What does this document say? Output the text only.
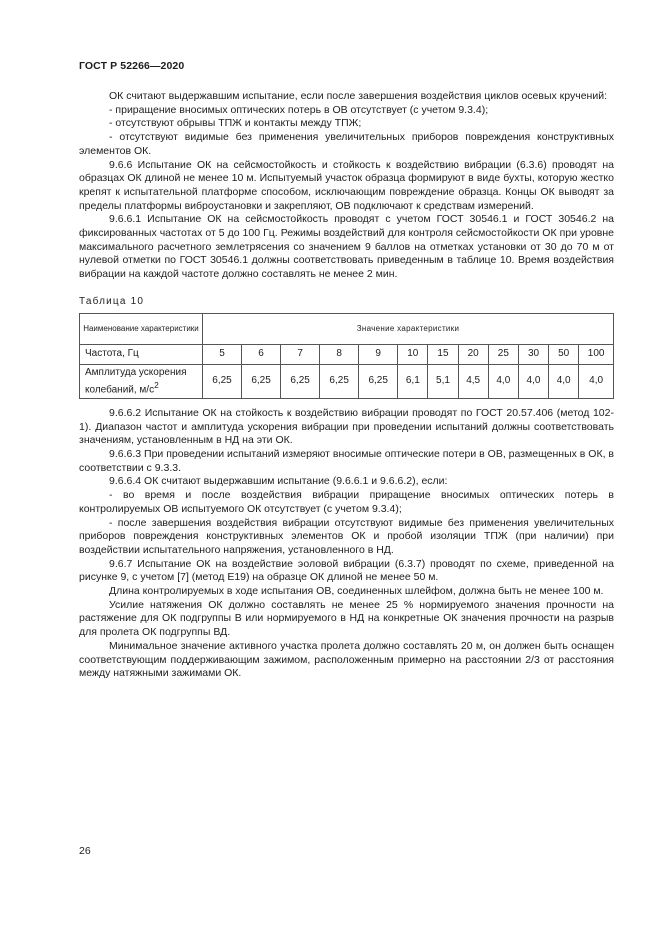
ГОСТ Р 52266—2020

ОК считают выдержавшим испытание, если после завершения воздействия циклов осевых кручений:

- приращение вносимых оптических потерь в ОВ отсутствует (с учетом 9.3.4);

- отсутствуют обрывы ТПЖ и контакты между ТПЖ;

- отсутствуют видимые без применения увеличительных приборов повреждения конструктивных элементов ОК.

9.6.6 Испытание ОК на сейсмостойкость и стойкость к воздействию вибрации (6.3.6) проводят на образцах ОК длиной не менее 10 м. Испытуемый участок образца формируют в виде бухты, которую жестко крепят к испытательной платформе способом, исключающим повреждение образца. Концы ОК выводят за пределы платформы виброустановки и закрепляют, ОВ подключают к средствам измерений.

9.6.6.1 Испытание ОК на сейсмостойкость проводят с учетом ГОСТ 30546.1 и ГОСТ 30546.2 на фиксированных частотах от 5 до 100 Гц. Режимы воздействий для контроля сейсмостойкости ОК при уровне максимального расчетного землетрясения со значением 9 баллов на отметках установки от 30 до 70 м от нулевой отметки по ГОСТ 30546.1 должны соответствовать приведенным в таблице 10. Время воздействия вибрации на каждой частоте должно составлять не менее 2 мин.

Таблица 10
Наименование характеристики	Значение характеристики											
Частота, Гц	5	6	7	8	9	10	15	20	25	30	50	100
Амплитуда ускорения колебаний, $м/с^2$	6,25	6,25	6,25	6,25	6,25	6,1	5,1	4,5	4,0	4,0	4,0	4,0

9.6.6.2 Испытание ОК на стойкость к воздействию вибрации проводят по ГОСТ 20.57.406 (метод 102-1). Диапазон частот и амплитуда ускорения вибрации при проведении испытаний должны соответствовать значениям, установленным в НД на эти ОК.

9.6.6.3 При проведении испытаний измеряют вносимые оптические потери в ОВ, размещенных в ОК, в соответствии с 9.3.3.

9.6.6.4 ОК считают выдержавшим испытание (9.6.6.1 и 9.6.6.2), если:

- во время и после воздействия вибрации приращение вносимых оптических потерь в контролируемых ОВ испытуемого ОК отсутствует (с учетом 9.3.4);

- после завершения воздействия вибрации отсутствуют видимые без применения увеличительных приборов повреждения конструктивных элементов ОК и пробой изоляции ТПЖ (при наличии) при воздействии испытательного напряжения, установленного в НД.

9.6.7 Испытание ОК на воздействие эоловой вибрации (6.3.7) проводят по схеме, приведенной на рисунке 9, с учетом [7] (метод Е19) на образце ОК длиной не менее 50 м.

Длина контролируемых в ходе испытания ОВ, соединенных шлейфом, должна быть не менее 100 м.

Усилие натяжения ОК должно составлять не менее 25 % нормируемого значения прочности на растяжение для ОК подгруппы В или нормируемого в НД на конкретные ОК значения прочности на разрыв для пролета ОК подгруппы ВД.

Минимальное значение активного участка пролета должно составлять 20 м, он должен быть оснащен соответствующим поддерживающим зажимом, расположенным примерно на расстоянии 2/3 от расстояния между натяжными зажимами ОК.

26
